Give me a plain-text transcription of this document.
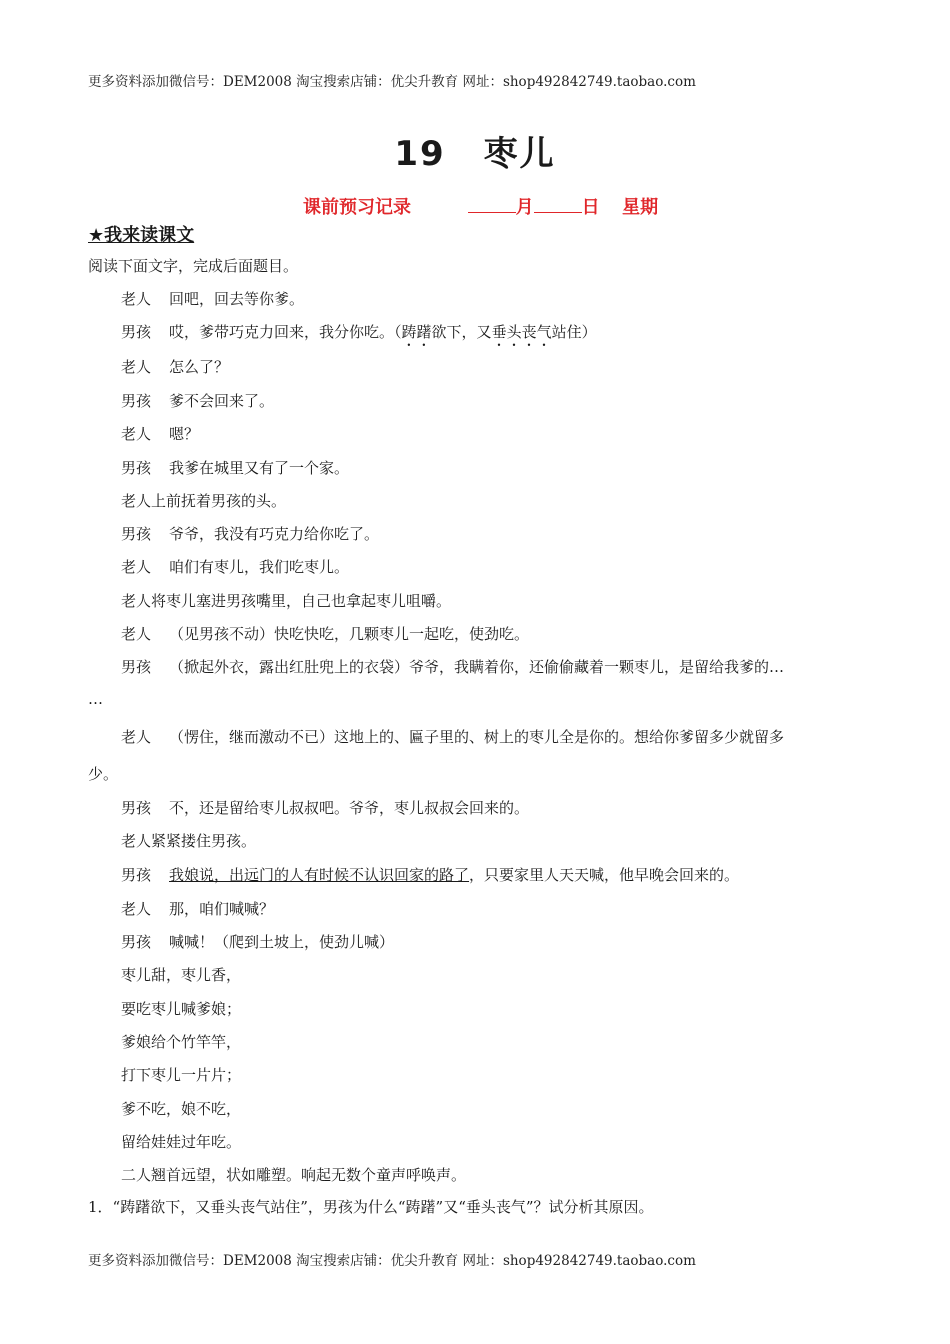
更多资料添加微信号：DEM2008 淘宝搜索店铺：优尖升教育 网址：shop492842749.taobao.com
19 枣儿
课前预习记录	月	日 星期
★我来读课文
阅读下面文字，完成后面题目。
老人 回吧，回去等你爹。
男孩 哎，爹带巧克力回来，我分你吃。（踌躇欲下，又垂头丧气站住）
老人 怎么了？
男孩 爹不会回来了。
老人 嗯？
男孩 我爹在城里又有了一个家。
老人上前抚着男孩的头。
男孩 爷爷，我没有巧克力给你吃了。
老人 咱们有枣儿，我们吃枣儿。
老人将枣儿塞进男孩嘴里，自己也拿起枣儿咀嚼。
老人 （见男孩不动）快吃快吃，几颗枣儿一起吃，使劲吃。
男孩 （掀起外衣，露出红肚兜上的衣袋）爷爷，我瞒着你，还偷偷藏着一颗枣儿，是留给我爹的…
…
老人 （愣住，继而激动不已）这地上的、匾子里的、树上的枣儿全是你的。想给你爹留多少就留多
少。
男孩 不，还是留给枣儿叔叔吧。爷爷，枣儿叔叔会回来的。
老人紧紧搂住男孩。
男孩 我娘说，出远门的人有时候不认识回家的路了，只要家里人天天喊，他早晚会回来的。
老人 那，咱们喊喊？
男孩 喊喊！（爬到土坡上，使劲儿喊）
枣儿甜，枣儿香，
要吃枣儿喊爹娘；
爹娘给个竹竿竿，
打下枣儿一片片；
爹不吃，娘不吃，
留给娃娃过年吃。
二人翘首远望，状如雕塑。响起无数个童声呼唤声。
1．“踌躇欲下，又垂头丧气站住”，男孩为什么“踌躇”又“垂头丧气”？试分析其原因。
更多资料添加微信号：DEM2008 淘宝搜索店铺：优尖升教育 网址：shop492842749.taobao.com
